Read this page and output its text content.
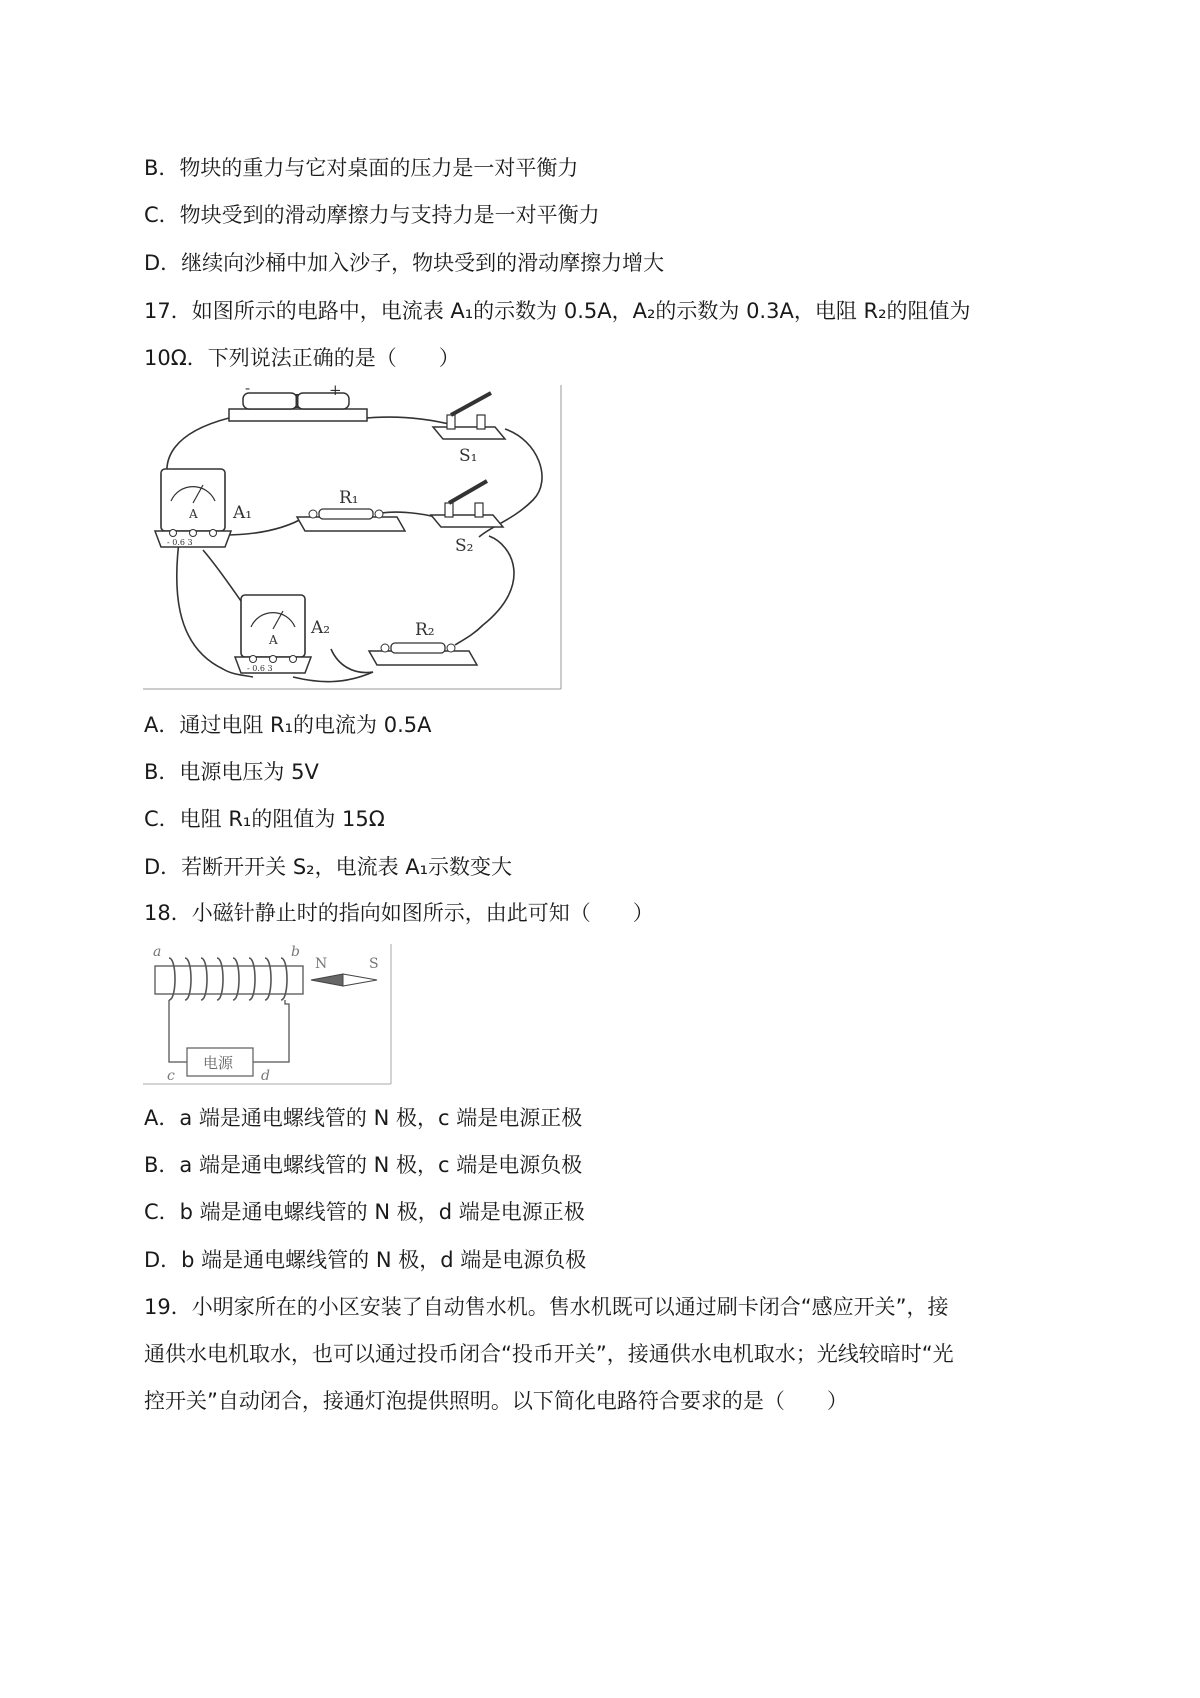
B．物块的重力与它对桌面的压力是一对平衡力
C．物块受到的滑动摩擦力与支持力是一对平衡力
D．继续向沙桶中加入沙子，物块受到的滑动摩擦力增大
17．如图所示的电路中，电流表 A₁的示数为 0.5A，A₂的示数为 0.3A，电阻 R₂的阻值为
10Ω．下列说法正确的是（　　）
-	+
S₁
S₂
R₁
R₂
A
- 0.6 3
A₁
A
- 0.6 3
A₂
A．通过电阻 R₁的电流为 0.5A
B．电源电压为 5V
C．电阻 R₁的阻值为 15Ω
D．若断开开关 S₂，电流表 A₁示数变大
18．小磁针静止时的指向如图所示，由此可知（　　）
电源
a	b
c	d
N	S
A．a 端是通电螺线管的 N 极，c 端是电源正极
B．a 端是通电螺线管的 N 极，c 端是电源负极
C．b 端是通电螺线管的 N 极，d 端是电源正极
D．b 端是通电螺线管的 N 极，d 端是电源负极
19．小明家所在的小区安装了自动售水机。售水机既可以通过刷卡闭合“感应开关”，接
通供水电机取水，也可以通过投币闭合“投币开关”，接通供水电机取水；光线较暗时“光
控开关”自动闭合，接通灯泡提供照明。以下简化电路符合要求的是（　　）
